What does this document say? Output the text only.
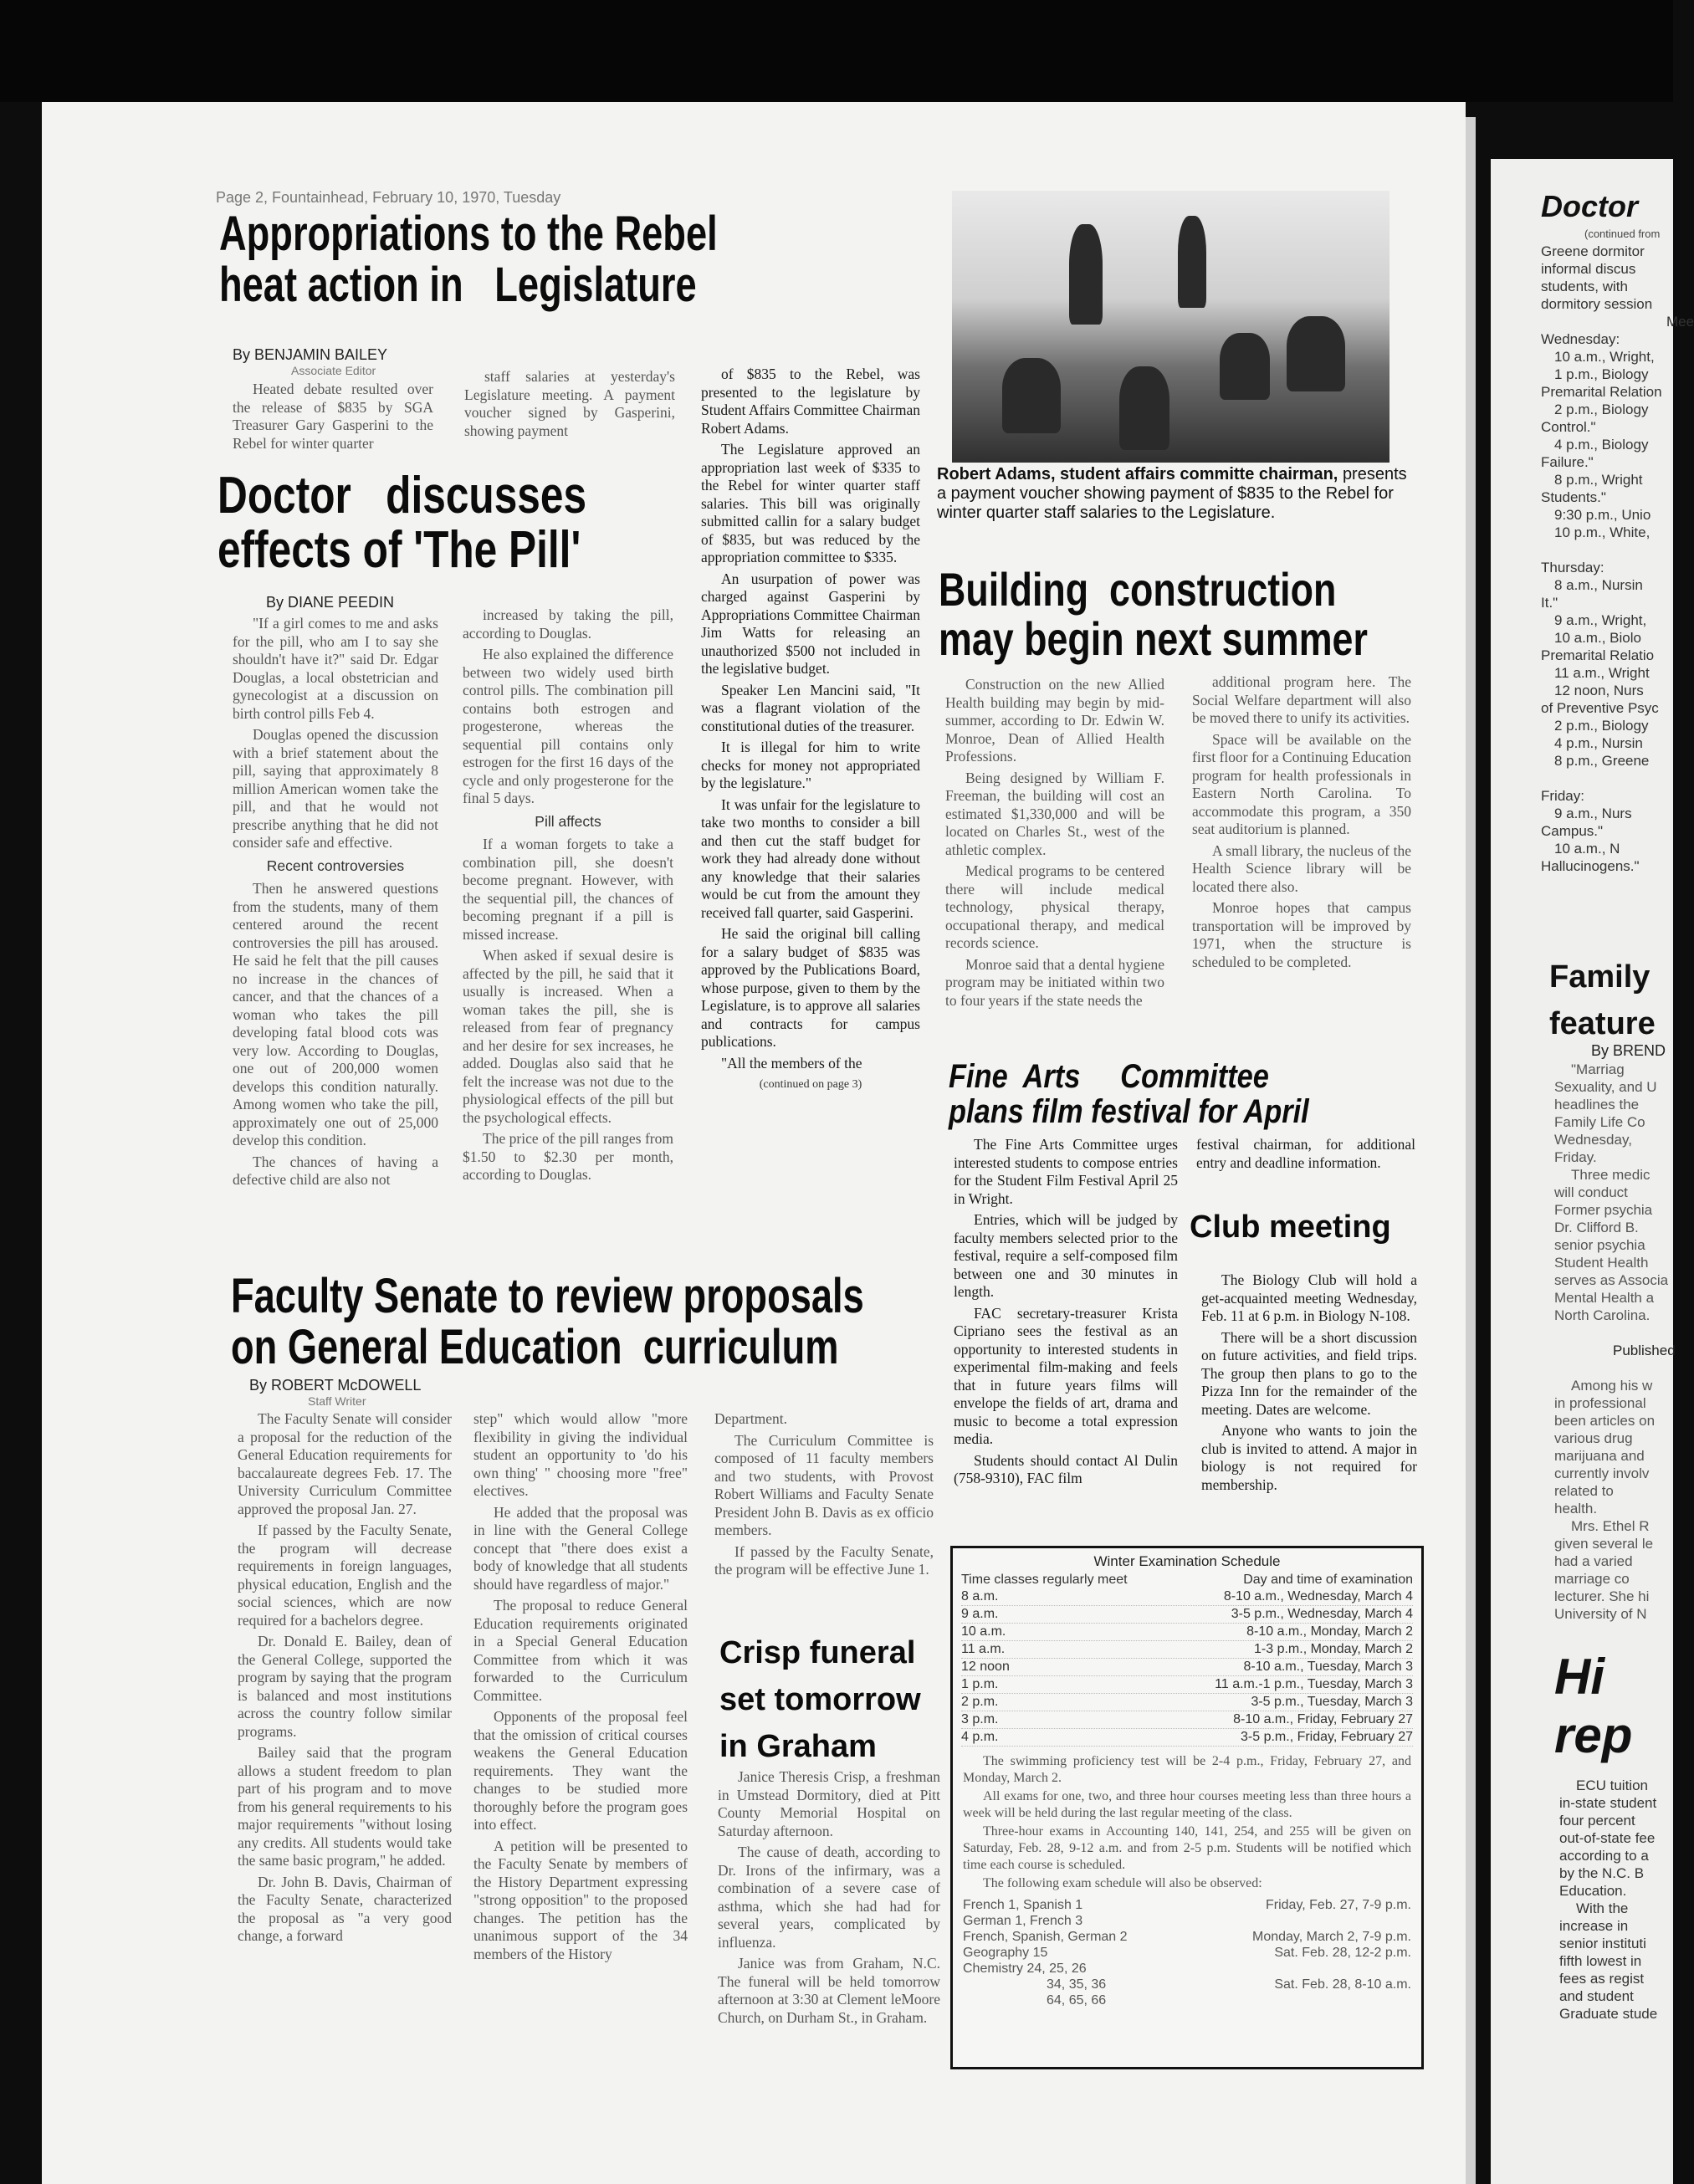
Page 2, Fountainhead, February 10, 1970, Tuesday
Appropriations to the Rebel
heat action in   Legislature
By BENJAMIN BAILEY
Associate Editor

Heated debate resulted over the release of $835 by SGA Treasurer Gary Gasperini to the Rebel for winter quarter

staff salaries at yesterday's Legislature meeting. A payment voucher signed by Gasperini, showing payment

Doctor   discusses
effects of 'The Pill'
By DIANE PEEDIN

"If a girl comes to me and asks for the pill, who am I to say she shouldn't have it?" said Dr. Edgar Douglas, a local obstetrician and gynecologist at a discussion on birth control pills Feb 4.

Douglas opened the discussion with a brief statement about the pill, saying that approximately 8 million American women take the pill, and that he would not prescribe anything that he did not consider safe and effective.

Recent controversies

Then he answered questions from the students, many of them centered around the recent controversies the pill has aroused. He said he felt that the pill causes no increase in the chances of cancer, and that the chances of a woman who takes the pill developing fatal blood cots was very low. According to Douglas, one out of 200,000 women develops this condition naturally. Among women who take the pill, approximately one out of 25,000 develop this condition.

The chances of having a defective child are also not

increased by taking the pill, according to Douglas.

He also explained the difference between two widely used birth control pills. The combination pill contains both estrogen and progesterone, whereas the sequential pill contains only estrogen for the first 16 days of the cycle and only progesterone for the final 5 days.

Pill affects

If a woman forgets to take a combination pill, she doesn't become pregnant. However, with the sequential pill, the chances of becoming pregnant if a pill is missed increase.

When asked if sexual desire is affected by the pill, he said that it usually is increased. When a woman takes the pill, she is released from fear of pregnancy and her desire for sex increases, he added. Douglas also said that he felt the increase was not due to the physiological effects of the pill but the psychological effects.

The price of the pill ranges from $1.50 to $2.30 per month, according to Douglas.

of $835 to the Rebel, was presented to the legislature by Student Affairs Committee Chairman Robert Adams.

The Legislature approved an appropriation last week of $335 to the Rebel for winter quarter staff salaries. This bill was originally submitted callin for a salary budget of $835, but was reduced by the appropriation committee to $335.

An usurpation of power was charged against Gasperini by Appropriations Committee Chairman Jim Watts for releasing an unauthorized $500 not included in the legislative budget.

Speaker Len Mancini said, "It was a flagrant violation of the constitutional duties of the treasurer.

It is illegal for him to write checks for money not appropriated by the legislature."

It was unfair for the legislature to take two months to consider a bill and then cut the staff budget for work they had already done without any knowledge that their salaries would be cut from the amount they received fall quarter, said Gasperini.

He said the original bill calling for a salary budget of $835 was approved by the Publications Board, whose purpose, given to them by the Legislature, is to approve all salaries and contracts for campus publications.

"All the members of the

(continued on page 3)

Robert Adams, student affairs committe chairman, presents a payment voucher showing payment of $835 to the Rebel for winter quarter staff salaries to the Legislature.
Building  construction
may begin next summer

Construction on the new Allied Health building may begin by mid-summer, according to Dr. Edwin W. Monroe, Dean of Allied Health Professions.

Being designed by William F. Freeman, the building will cost an estimated $1,330,000 and will be located on Charles St., west of the athletic complex.

Medical programs to be centered there will include medical technology, physical therapy, occupational therapy, and medical records science.

Monroe said that a dental hygiene program may be initiated within two to four years if the state needs the

additional program here. The Social Welfare department will also be moved there to unify its activities.

Space will be available on the first floor for a Continuing Education program for health professionals in Eastern North Carolina. To accommodate this program, a 350 seat auditorium is planned.

A small library, the nucleus of the Health Science library will be located there also.

Monroe hopes that campus transportation will be improved by 1971, when the structure is scheduled to be completed.

Fine  Arts     Committee
plans film festival for April

The Fine Arts Committee urges interested students to compose entries for the Student Film Festival April 25 in Wright.

Entries, which will be judged by faculty members selected prior to the festival, require a self-composed film between one and 30 minutes in length.

FAC secretary-treasurer Krista Cipriano sees the festival as an opportunity to interested students in experimental film-making and feels that in future years films will envelope the fields of art, drama and music to become a total expression media.

Students should contact Al Dulin (758-9310), FAC film

festival chairman, for additional entry and deadline information.

Club meeting

The Biology Club will hold a get-acquainted meeting Wednesday, Feb. 11 at 6 p.m. in Biology N-108.

There will be a short discussion on future activities, and field trips. The group then plans to go to the Pizza Inn for the remainder of the meeting. Dates are welcome.

Anyone who wants to join the club is invited to attend. A major in biology is not required for membership.

Faculty Senate to review proposals
on General Education  curriculum
By ROBERT McDOWELL
Staff Writer

The Faculty Senate will consider a proposal for the reduction of the General Education requirements for baccalaureate degrees Feb. 17. The University Curriculum Committee approved the proposal Jan. 27.

If passed by the Faculty Senate, the program will decrease requirements in foreign languages, physical education, English and the social sciences, which are now required for a bachelors degree.

Dr. Donald E. Bailey, dean of the General College, supported the program by saying that the program is balanced and most institutions across the country follow similar programs.

Bailey said that the program allows a student freedom to plan part of his program and to move from his general requirements to his major requirements "without losing any credits. All students would take the same basic program," he added.

Dr. John B. Davis, Chairman of the Faculty Senate, characterized the proposal as "a very good change, a forward

step" which would allow "more flexibility in giving the individual student an opportunity to 'do his own thing' " choosing more "free" electives.

He added that the proposal was in line with the General College concept that "there does exist a body of knowledge that all students should have regardless of major."

The proposal to reduce General Education requirements originated in a Special General Education Committee from which it was forwarded to the Curriculum Committee.

Opponents of the proposal feel that the omission of critical courses weakens the General Education requirements. They want the changes to be studied more thoroughly before the program goes into effect.

A petition will be presented to the Faculty Senate by members of the History Department expressing "strong opposition" to the proposed changes. The petition has the unanimous support of the 34 members of the History

Department.

The Curriculum Committee is composed of 11 faculty members and two students, with Provost Robert Williams and Faculty Senate President John B. Davis as ex officio members.

If passed by the Faculty Senate, the program will be effective June 1.

Crisp funeral
set tomorrow
in Graham

Janice Theresis Crisp, a freshman in Umstead Dormitory, died at Pitt County Memorial Hospital on Saturday afternoon.

The cause of death, according to Dr. Irons of the infirmary, was a combination of a severe case of asthma, which she had had for several years, complicated by influenza.

Janice was from Graham, N.C. The funeral will be held tomorrow afternoon at 3:30 at Clement leMoore Church, on Durham St., in Graham.

Winter Examination Schedule
Time classes regularly meet	Day and time of examination
8 a.m.	8-10 a.m., Wednesday, March 4
9 a.m.	3-5 p.m., Wednesday, March 4
10 a.m.	8-10 a.m., Monday, March 2
11 a.m.	1-3 p.m., Monday, March 2
12 noon	8-10 a.m., Tuesday, March 3
1 p.m.	11 a.m.-1 p.m., Tuesday, March 3
2 p.m.	3-5 p.m., Tuesday, March 3
3 p.m.	8-10 a.m., Friday, February 27
4 p.m.	3-5 p.m., Friday, February 27

The swimming proficiency test will be 2-4 p.m., Friday, February 27, and Monday, March 2.

All exams for one, two, and three hour courses meeting less than three hours a week will be held during the last regular meeting of the class.

Three-hour exams in Accounting 140, 141, 254, and 255 will be given on Saturday, Feb. 28, 9-12 a.m. and from 2-5 p.m. Students will be notified which time each course is scheduled.

The following exam schedule will also be observed:

French 1, Spanish 1	Friday, Feb. 27, 7-9 p.m.
German 1, French 3
French, Spanish, German 2	Monday, March 2, 7-9 p.m.
Geography 15	Sat. Feb. 28, 12-2 p.m.
Chemistry 24, 25, 26
34, 35, 36	Sat. Feb. 28, 8-10 a.m.
64, 65, 66
Doctor
(continued from
Greene dormitor
informal discus
students, with
dormitory session
Mee
Wednesday:
10 a.m., Wright,
1 p.m., Biology
Premarital Relation
2 p.m., Biology
Control."
4 p.m., Biology
Failure."
8 p.m., Wright
Students."
9:30 p.m., Unio
10 p.m., White,
Thursday:
8 a.m., Nursin
It."
9 a.m., Wright,
10 a.m., Biolo
Premarital Relatio
11 a.m., Wright
12 noon, Nurs
of Preventive Psyc
2 p.m., Biology
4 p.m., Nursin
8 p.m., Greene
Friday:
9 a.m., Nurs
Campus."
10 a.m., N
Hallucinogens."
Family
feature
By BREND
"Marriag
Sexuality, and U
headlines the
Family Life Co
Wednesday,
Friday.
Three medic
will conduct
Former psychia
Dr. Clifford B.
senior psychia
Student Health
serves as Associa
Mental Health a
North Carolina.
Published
Among his w
in professional
been articles on
various drug
marijuana and
currently involv
related to
health.
Mrs. Ethel R
given several le
had a varied
marriage co
lecturer. She hi
University of N
Hi
rep
ECU tuition
in-state student
four percent
out-of-state fee
according to a
by the N.C. B
Education.
With the
increase in
senior instituti
fifth lowest in
fees as regist
and student
Graduate stude
